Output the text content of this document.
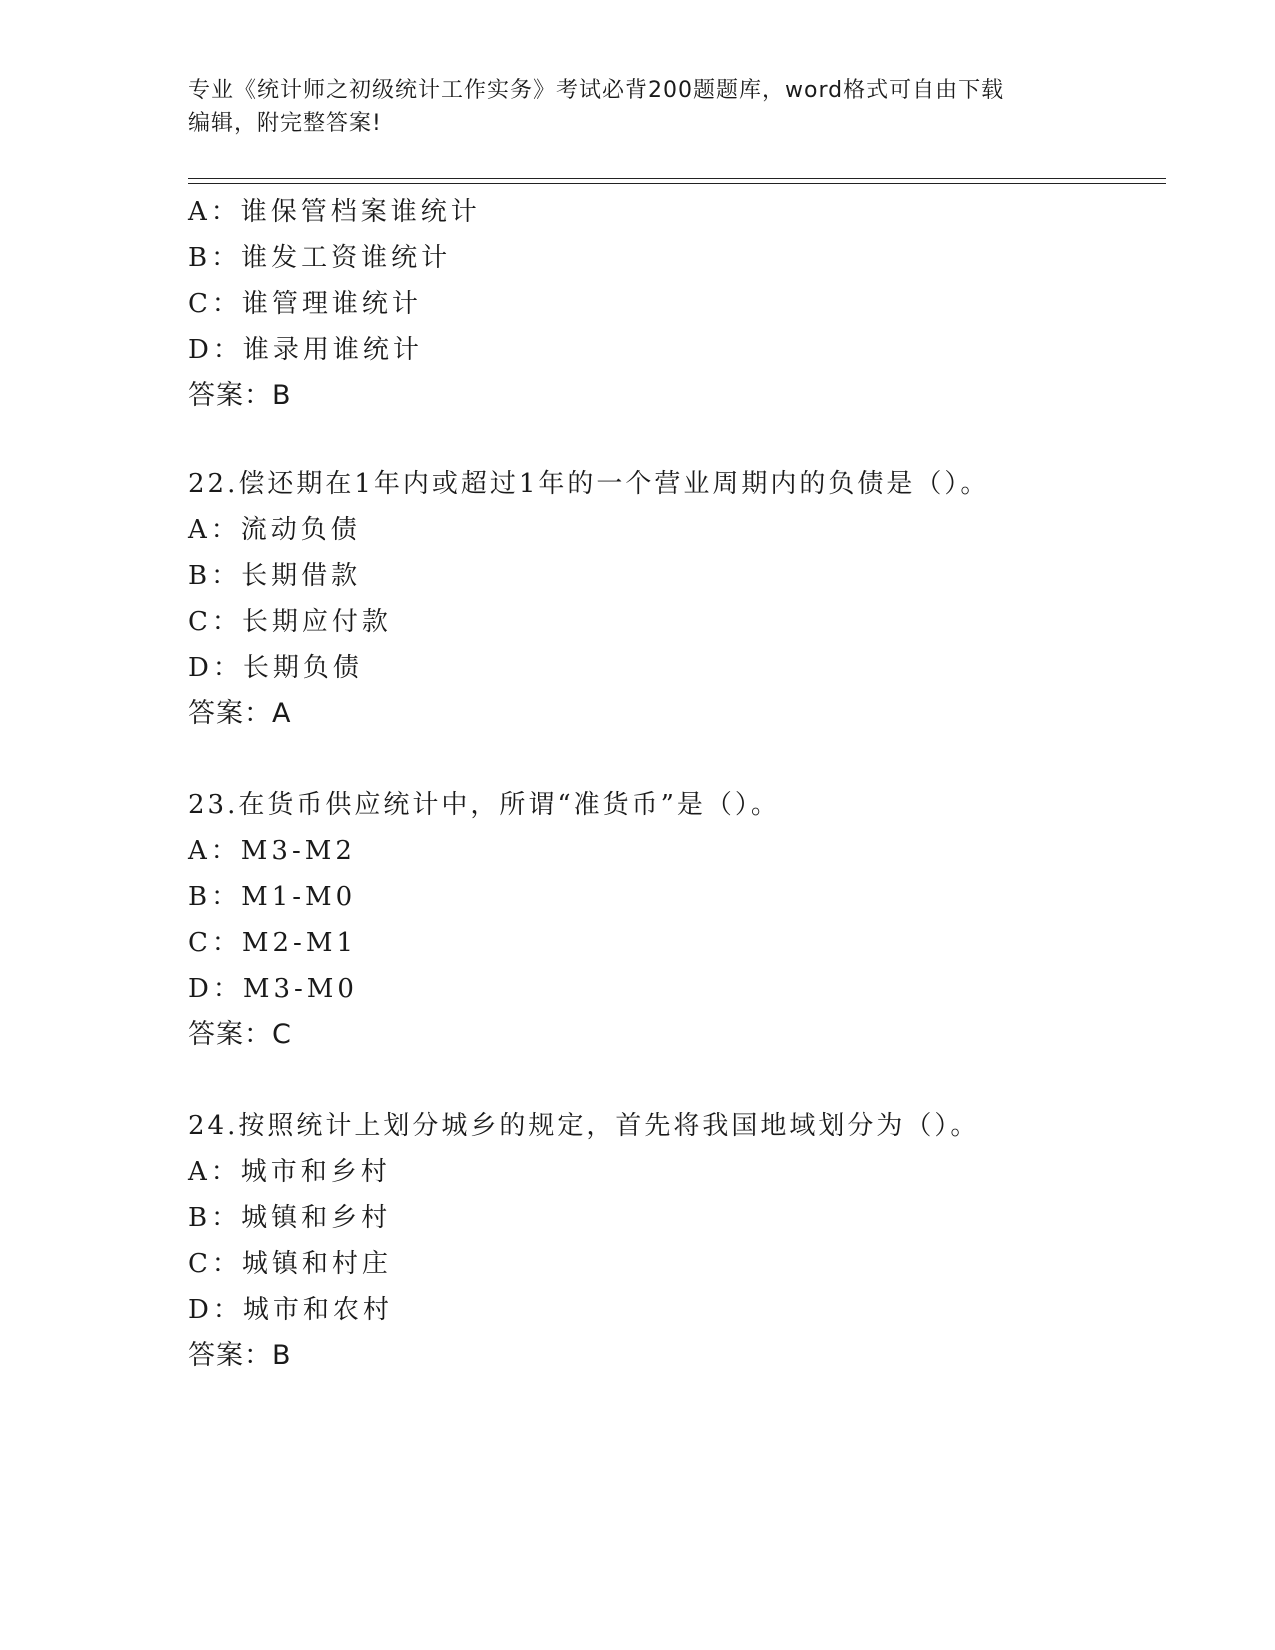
专业《统计师之初级统计工作实务》考试必背200题题库，word格式可自由下载
编辑，附完整答案!
A：谁保管档案谁统计
B：谁发工资谁统计
C：谁管理谁统计
D：谁录用谁统计
答案：B
22.偿还期在1年内或超过1年的一个营业周期内的负债是（）。
A：流动负债
B：长期借款
C：长期应付款
D：长期负债
答案：A
23.在货币供应统计中，所谓“准货币”是（）。
A：M3-M2
B：M1-M0
C：M2-M1
D：M3-M0
答案：C
24.按照统计上划分城乡的规定，首先将我国地域划分为（）。
A：城市和乡村
B：城镇和乡村
C：城镇和村庄
D：城市和农村
答案：B
